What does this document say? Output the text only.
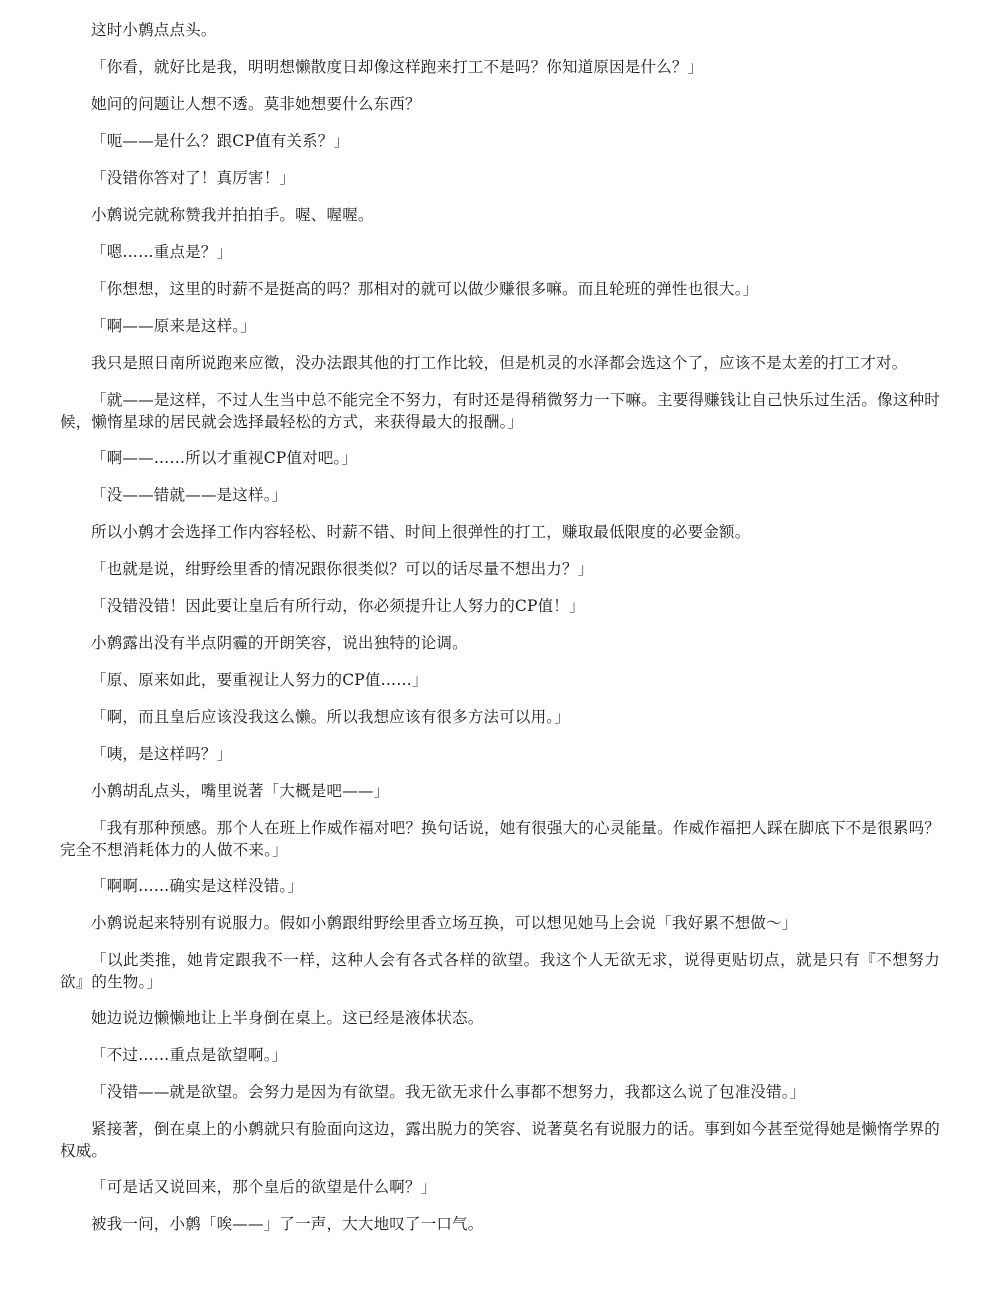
这时小鹩点点头。

「你看，就好比是我，明明想懒散度日却像这样跑来打工不是吗？你知道原因是什么？」

她问的问题让人想不透。莫非她想要什么东西？

「呃——是什么？跟CP值有关系？」

「没错你答对了！真厉害！」

小鹩说完就称赞我并拍拍手。喔、喔喔。

「嗯……重点是？」

「你想想，这里的时薪不是挺高的吗？那相对的就可以做少赚很多嘛。而且轮班的弹性也很大。」

「啊——原来是这样。」

我只是照日南所说跑来应徵，没办法跟其他的打工作比较，但是机灵的水泽都会选这个了，应该不是太差的打工才对。

「就——是这样，不过人生当中总不能完全不努力，有时还是得稍微努力一下嘛。主要得赚钱让自己快乐过生活。像这种时候，懒惰星球的居民就会选择最轻松的方式，来获得最大的报酬。」

「啊——……所以才重视CP值对吧。」

「没——错就——是这样。」

所以小鹩才会选择工作内容轻松、时薪不错、时间上很弹性的打工，赚取最低限度的必要金额。

「也就是说，绀野绘里香的情况跟你很类似？可以的话尽量不想出力？」

「没错没错！因此要让皇后有所行动，你必须提升让人努力的CP值！」

小鹩露出没有半点阴霾的开朗笑容，说出独特的论调。

「原、原来如此，要重视让人努力的CP值……」

「啊，而且皇后应该没我这么懒。所以我想应该有很多方法可以用。」

「咦，是这样吗？」

小鹩胡乱点头，嘴里说著「大概是吧——」

「我有那种预感。那个人在班上作威作福对吧？换句话说，她有很强大的心灵能量。作威作福把人踩在脚底下不是很累吗？完全不想消耗体力的人做不来。」

「啊啊……确实是这样没错。」

小鹩说起来特别有说服力。假如小鹩跟绀野绘里香立场互换，可以想见她马上会说「我好累不想做～」

「以此类推，她肯定跟我不一样，这种人会有各式各样的欲望。我这个人无欲无求，说得更贴切点，就是只有『不想努力欲』的生物。」

她边说边懒懒地让上半身倒在桌上。这已经是液体状态。

「不过……重点是欲望啊。」

「没错——就是欲望。会努力是因为有欲望。我无欲无求什么事都不想努力，我都这么说了包准没错。」

紧接著，倒在桌上的小鹩就只有脸面向这边，露出脱力的笑容、说著莫名有说服力的话。事到如今甚至觉得她是懒惰学界的权威。

「可是话又说回来，那个皇后的欲望是什么啊？」

被我一问，小鹩「唉——」了一声，大大地叹了一口气。
